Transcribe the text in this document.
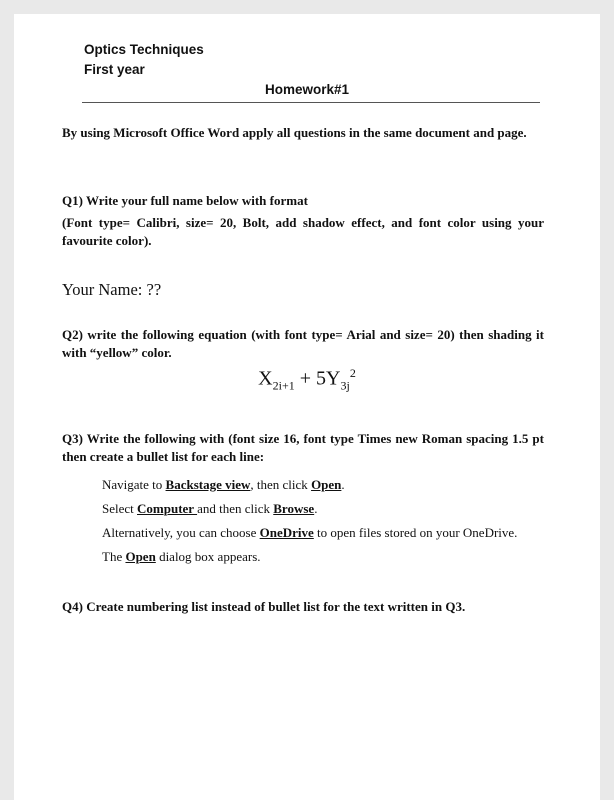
Optics Techniques
First year
Homework#1
By using Microsoft Office Word apply all questions in the same document and page.
Q1) Write your full name below with format
(Font type= Calibri, size= 20, Bolt, add shadow effect, and font color using your favourite color).
Your Name: ??
Q2) write the following equation (with font type= Arial and size= 20) then shading it with “yellow” color.
$X_{2i+1} + 5Y_{3j}^2$
Q3) Write the following with (font size 16, font type Times new Roman spacing 1.5 pt then create a bullet list for each line:
Navigate to Backstage view, then click Open.
Select Computer and then click Browse.
Alternatively, you can choose OneDrive to open files stored on your OneDrive.
The Open dialog box appears.
Q4) Create numbering list instead of bullet list for the text written in Q3.
